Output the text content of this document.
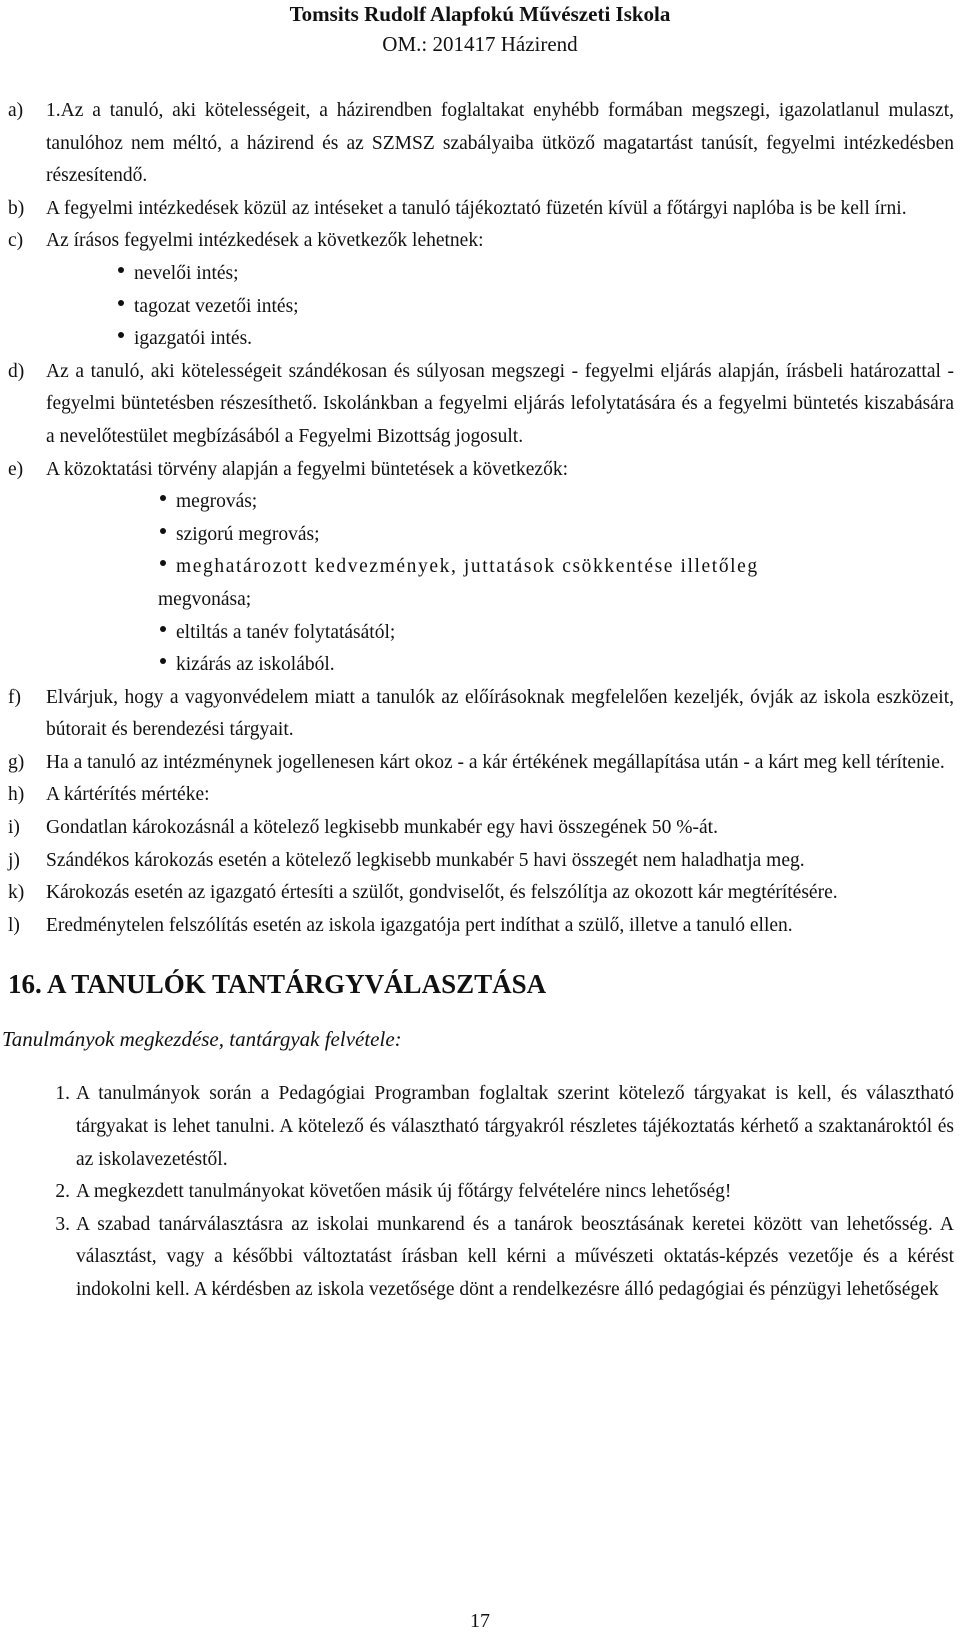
Tomsits Rudolf Alapfokú Művészeti Iskola
OM.: 201417 Házirend
a)	1.Az a tanuló, aki kötelességeit, a házirendben foglaltakat enyhébb formában megszegi, igazolatlanul mulaszt, tanulóhoz nem méltó, a házirend és az SZMSZ szabályaiba ütköző magatartást tanúsít, fegyelmi intézkedésben részesítendő.
b)	A fegyelmi intézkedések közül az intéseket a tanuló tájékoztató füzetén kívül a főtárgyi naplóba is be kell írni.
c)	Az írásos fegyelmi intézkedések a következők lehetnek:
nevelői intés;
tagozat vezetői intés;
igazgatói intés.
d)	Az a tanuló, aki kötelességeit szándékosan és súlyosan megszegi - fegyelmi eljárás alapján, írásbeli határozattal - fegyelmi büntetésben részesíthető. Iskolánkban a fegyelmi eljárás lefolytatására és a fegyelmi büntetés kiszabására a nevelőtestület megbízásából a Fegyelmi Bizottság jogosult.
e)	A közoktatási törvény alapján a fegyelmi büntetések a következők:
megrovás;
szigorú megrovás;
meghatározott kedvezmények, juttatások csökkentése illetőleg
megvonása;
eltiltás a tanév folytatásától;
kizárás az iskolából.
f)	Elvárjuk, hogy a vagyonvédelem miatt a tanulók az előírásoknak megfelelően kezeljék, óvják az iskola eszközeit, bútorait és berendezési tárgyait.
g)	Ha a tanuló az intézménynek jogellenesen kárt okoz - a kár értékének megállapítása után - a kárt meg kell térítenie.
h)	A kártérítés mértéke:
i)	Gondatlan károkozásnál a kötelező legkisebb munkabér egy havi összegének 50 %-át.
j)	Szándékos károkozás esetén a kötelező legkisebb munkabér 5 havi összegét nem haladhatja meg.
k)	Károkozás esetén az igazgató értesíti a szülőt, gondviselőt, és felszólítja az okozott kár megtérítésére.
l)	Eredménytelen felszólítás esetén az iskola igazgatója pert indíthat a szülő, illetve a tanuló ellen.
16. A TANULÓK TANTÁRGYVÁLASZTÁSA
Tanulmányok megkezdése, tantárgyak felvétele:
1. A tanulmányok során a Pedagógiai Programban foglaltak szerint kötelező tárgyakat is kell, és választható tárgyakat is lehet tanulni. A kötelező és választható tárgyakról részletes tájékoztatás kérhető a szaktanároktól és az iskolavezetéstől.
2. A megkezdett tanulmányokat követően másik új főtárgy felvételére nincs lehetőség!
3. A szabad tanárválasztásra az iskolai munkarend és a tanárok beosztásának keretei között van lehetősség. A választást, vagy a későbbi változtatást írásban kell kérni a művészeti oktatás-képzés vezetője és a kérést indokolni kell. A kérdésben az iskola vezetősége dönt a rendelkezésre álló pedagógiai és pénzügyi lehetőségek
17
